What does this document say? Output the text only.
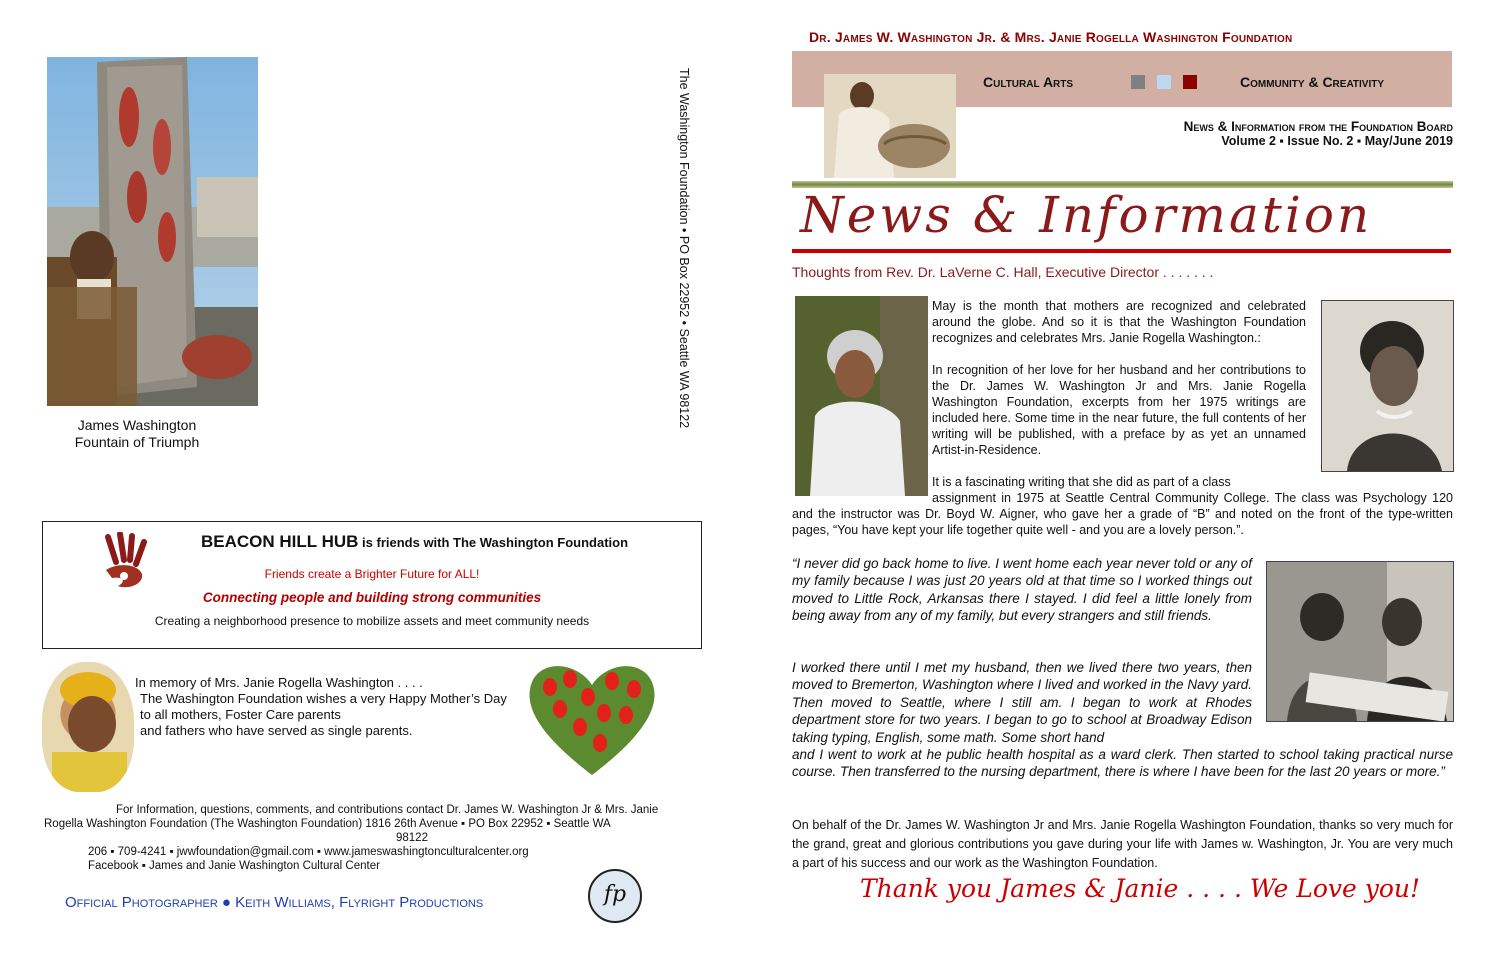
James Washington
Fountain of Triumph
The Washington Foundation • PO Box 22952 • Seattle WA 98122
BEACON HILL HUB is friends with The Washington Foundation
Friends create a Brighter Future for ALL!
Connecting people and building strong communities
Creating a neighborhood presence to mobilize assets and meet community needs
In memory of Mrs. Janie Rogella Washington . . . .
The Washington Foundation wishes a very Happy Mother’s Day
to all mothers, Foster Care parents
and fathers who have served as single parents.
For Information, questions, comments, and contributions contact Dr. James W. Washington Jr & Mrs. Janie
Rogella Washington Foundation (The Washington Foundation) 1816 26th Avenue ▪ PO Box 22952 ▪ Seattle WA
98122
206 ▪ 709-4241 ▪ jwwfoundation@gmail.com ▪ www.jameswashingtonculturalcenter.org
Facebook ▪ James and Janie Washington Cultural Center
Official Photographer ● Keith Williams, Flyright Productions	fp
Dr. James W. Washington Jr. & Mrs. Janie Rogella Washington Foundation
Cultural Arts	Community & Creativity
News & Information from the Foundation Board
Volume 2 ▪ Issue No. 2 ▪ May/June 2019
News & Information
Thoughts from Rev. Dr. LaVerne C. Hall, Executive Director . . . . . . .
May is the month that mothers are recognized and celebrated around the globe. And so it is that the Washington Foundation recognizes and celebrates Mrs. Janie Rogella Washington.:
In recognition of her love for her husband and her contributions to the Dr. James W. Washington Jr and Mrs. Janie Rogella Washington Foundation, excerpts from her 1975 writings are included here. Some time in the near future, the full contents of her writing will be published, with a preface by as yet an unnamed Artist-in-Residence.
It is a fascinating writing that she did as part of a class
assignment in 1975 at Seattle Central Community College. The class was Psychology 120 and the instructor was Dr. Boyd W. Aigner, who gave her a grade of “B” and noted on the front of the type-written pages, “You have kept your life together quite well - and you are a lovely person.”.
“I never did go back home to live. I went home each year never told or any of my family because I was just 20 years old at that time so I worked things out moved to Little Rock, Arkansas there I stayed. I did feel a little lonely from being away from any of my family, but every strangers and still friends.
I worked there until I met my husband, then we lived there two years, then moved to Bremerton, Washington where I lived and worked in the Navy yard. Then moved to Seattle, where I still am. I began to work at Rhodes department store for two years. I began to go to school at Broadway Edison taking typing, English, some math. Some short hand
and I went to work at he public health hospital as a ward clerk. Then started to school taking practical nurse course. Then transferred to the nursing department, there is where I have been for the last 20 years or more.”
On behalf of the Dr. James W. Washington Jr and Mrs. Janie Rogella Washington Foundation, thanks so very much for the grand, great and glorious contributions you gave during your life with James w. Washington, Jr. You are very much a part of his success and our work as the Washington Foundation.
Thank you James & Janie . . . . We Love you!
